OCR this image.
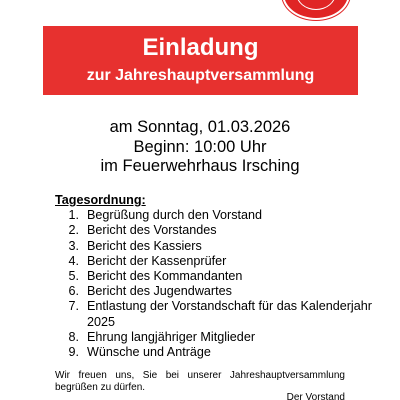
Einladung
zur Jahreshauptversammlung
am Sonntag, 01.03.2026
Beginn: 10:00 Uhr
im Feuerwehrhaus Irsching
Tagesordnung:
1. Begrüßung durch den Vorstand
2. Bericht des Vorstandes
3. Bericht des Kassiers
4. Bericht der Kassenprüfer
5. Bericht des Kommandanten
6. Bericht des Jugendwartes
7. Entlastung der Vorstandschaft für das Kalenderjahr 2025
8. Ehrung langjähriger Mitglieder
9. Wünsche und Anträge
Wir freuen uns, Sie bei unserer Jahreshauptversammlung begrüßen zu dürfen.
Der Vorstand
